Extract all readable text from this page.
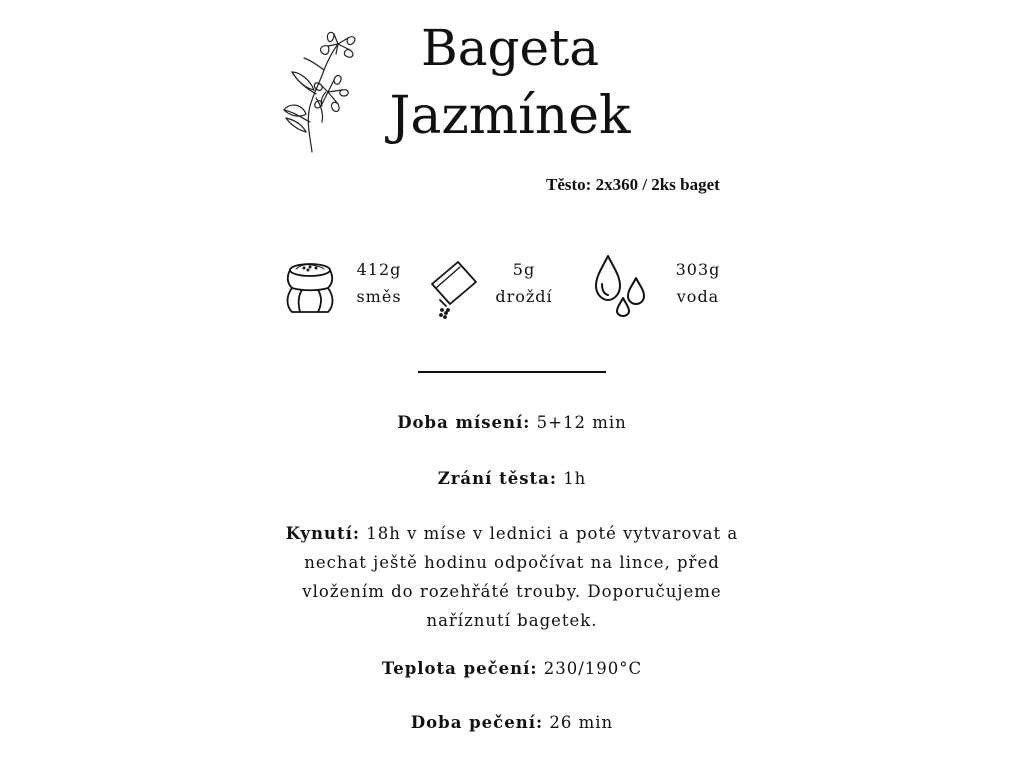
Bageta
Jazmínek
Těsto: 2x360 / 2ks baget
412g
směs
5g
droždí
303g
voda
Doba mísení: 5+12 min
Zrání těsta: 1h
Kynutí: 18h v míse v lednici a poté vytvarovat a
nechat ještě hodinu odpočívat na lince, před
vložením do rozehřáté trouby. Doporučujeme
naříznutí bagetek.
Teplota pečení: 230/190°C
Doba pečení: 26 min
